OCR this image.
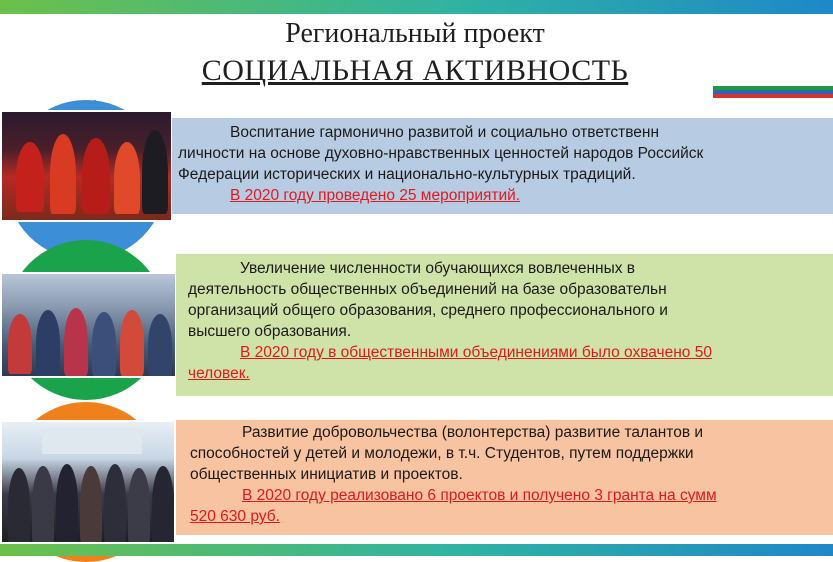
Региональный проект
СОЦИАЛЬНАЯ АКТИВНОСТЬ
Воспитание гармонично развитой и социально ответственн
личности на основе духовно-нравственных ценностей народов Российск
Федерации исторических и национально-культурных традиций.
В 2020 году проведено 25 мероприятий.
Увеличение численности обучающихся вовлеченных в
деятельность общественных объединений на базе образовательн
организаций общего образования, среднего профессионального и
высшего образования.
В 2020 году в общественными объединениями было охвачено 50
человек.
Развитие добровольчества (волонтерства) развитие талантов и
способностей у детей и молодежи, в т.ч. Студентов, путем поддержки
общественных инициатив и проектов.
В 2020 году реализовано 6 проектов и получено 3 гранта на сумм
520 630 руб.
